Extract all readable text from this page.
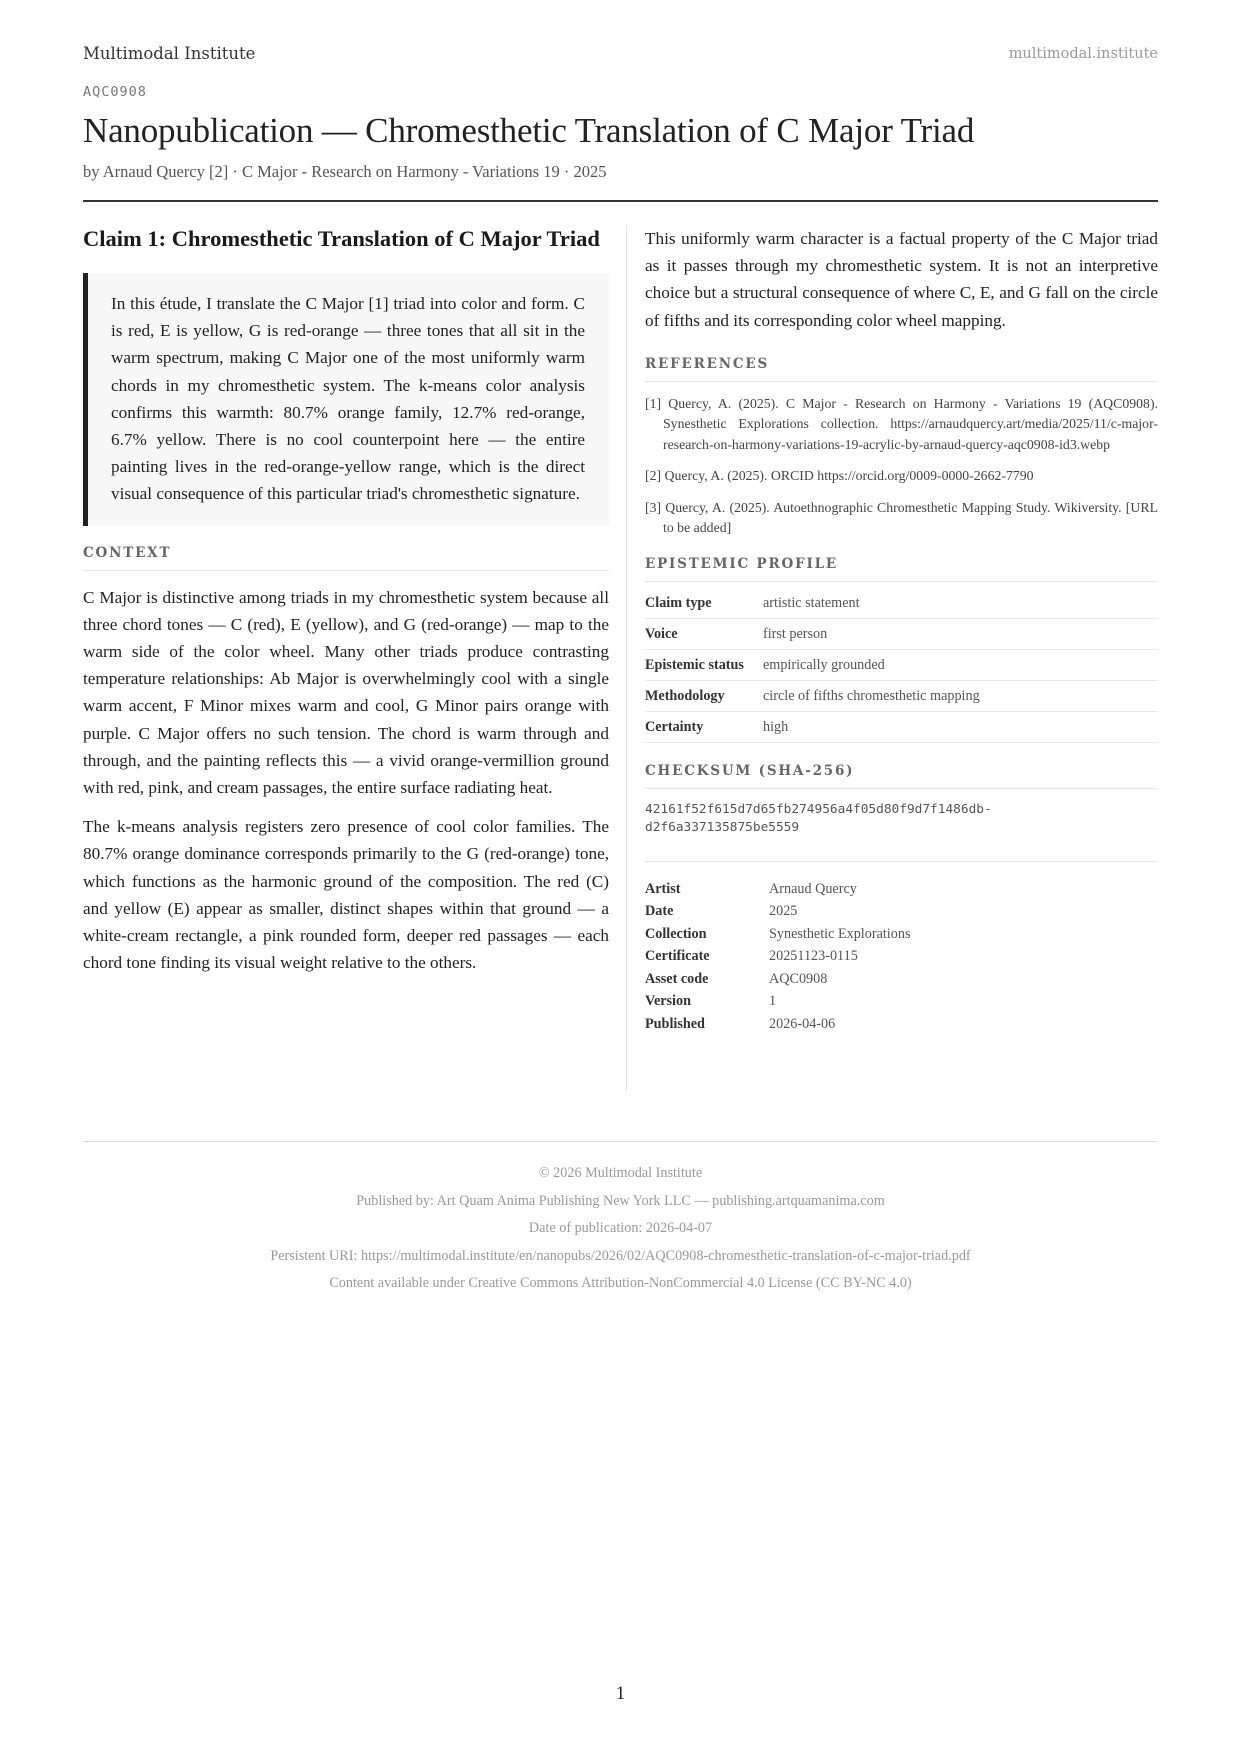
Multimodal Institute	multimodal.institute
AQC0908
Nanopublication — Chromesthetic Translation of C Major Triad
by Arnaud Quercy [2] · C Major - Research on Harmony - Variations 19 · 2025
Claim 1: Chromesthetic Translation of C Major Triad
In this étude, I translate the C Major [1] triad into color and form. C is red, E is yellow, G is red-orange — three tones that all sit in the warm spectrum, making C Major one of the most uniformly warm chords in my chromesthetic system. The k-means color analysis confirms this warmth: 80.7% orange family, 12.7% red-orange, 6.7% yellow. There is no cool counterpoint here — the entire painting lives in the red-orange-yellow range, which is the direct visual consequence of this particular triad's chromesthetic signature.
CONTEXT

C Major is distinctive among triads in my chromesthetic system because all three chord tones — C (red), E (yellow), and G (red-orange) — map to the warm side of the color wheel. Many other triads produce contrasting temperature relationships: Ab Major is overwhelmingly cool with a single warm accent, F Minor mixes warm and cool, G Minor pairs orange with purple. C Major offers no such tension. The chord is warm through and through, and the painting reflects this — a vivid orange-vermillion ground with red, pink, and cream passages, the entire surface radiating heat.

The k-means analysis registers zero presence of cool color families. The 80.7% orange dominance corresponds primarily to the G (red-orange) tone, which functions as the harmonic ground of the composition. The red (C) and yellow (E) appear as smaller, distinct shapes within that ground — a white-cream rectangle, a pink rounded form, deeper red passages — each chord tone finding its visual weight relative to the others.

This uniformly warm character is a factual property of the C Major triad as it passes through my chromesthetic system. It is not an interpretive choice but a structural consequence of where C, E, and G fall on the circle of fifths and its corresponding color wheel mapping.

REFERENCES
[1] Quercy, A. (2025). C Major - Research on Harmony - Variations 19 (AQC0908). Synesthetic Explorations collection. https://arnaudquercy.art/media/2025/11/c-major-research-on-harmony-variations-19-acrylic-by-arnaud-quercy-aqc0908-id3.webp
[2] Quercy, A. (2025). ORCID https://orcid.org/0009-0000-2662-7790
[3] Quercy, A. (2025). Autoethnographic Chromesthetic Mapping Study. Wikiversity. [URL to be added]
EPISTEMIC PROFILE
Claim type	artistic statement
Voice	first person
Epistemic status	empirically grounded
Methodology	circle of fifths chromesthetic mapping
Certainty	high
CHECKSUM (SHA-256)
42161f52f615d7d65fb274956a4f05d80f9d7f1486db-
d2f6a337135875be5559
Artist	Arnaud Quercy
Date	2025
Collection	Synesthetic Explorations
Certificate	20251123-0115
Asset code	AQC0908
Version	1
Published	2026-04-06
© 2026 Multimodal Institute
Published by: Art Quam Anima Publishing New York LLC — publishing.artquamanima.com
Date of publication: 2026-04-07
Persistent URI: https://multimodal.institute/en/nanopubs/2026/02/AQC0908-chromesthetic-translation-of-c-major-triad.pdf
Content available under Creative Commons Attribution-NonCommercial 4.0 License (CC BY-NC 4.0)
1
